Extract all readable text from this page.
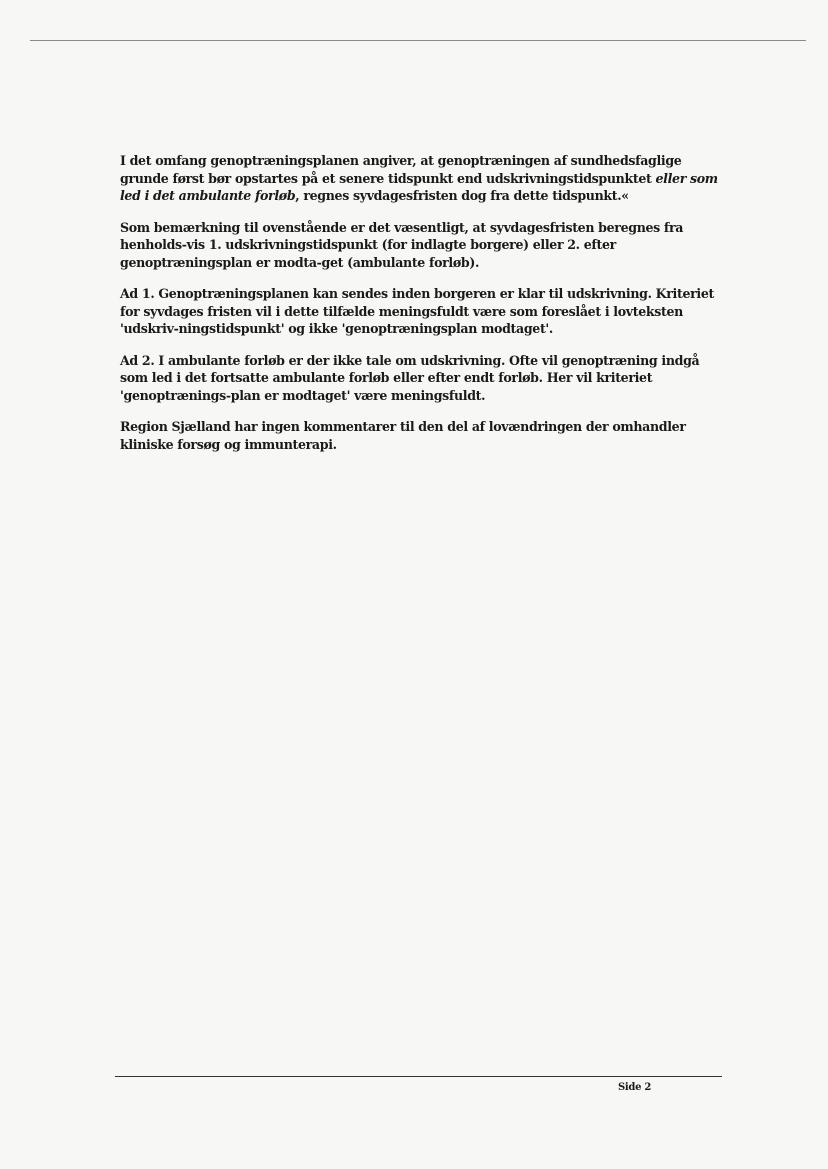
I det omfang genoptræningsplanen angiver, at genoptræningen af sundhedsfaglige grunde først bør opstartes på et senere tidspunkt end udskrivningstidspunktet eller som led i det ambulante forløb, regnes syvdagesfristen dog fra dette tidspunkt.«

Som bemærkning til ovenstående er det væsentligt, at syvdagesfristen beregnes fra henholds-vis 1. udskrivningstidspunkt (for indlagte borgere) eller 2. efter genoptræningsplan er modta-get (ambulante forløb).

Ad 1. Genoptræningsplanen kan sendes inden borgeren er klar til udskrivning. Kriteriet for syvdages fristen vil i dette tilfælde meningsfuldt være som foreslået i lovteksten 'udskriv-ningstidspunkt' og ikke 'genoptræningsplan modtaget'.

Ad 2. I ambulante forløb er der ikke tale om udskrivning. Ofte vil genoptræning indgå som led i det fortsatte ambulante forløb eller efter endt forløb. Her vil kriteriet 'genoptrænings-plan er modtaget' være meningsfuldt.

Region Sjælland har ingen kommentarer til den del af lovændringen der omhandler kliniske forsøg og immunterapi.

Side 2
